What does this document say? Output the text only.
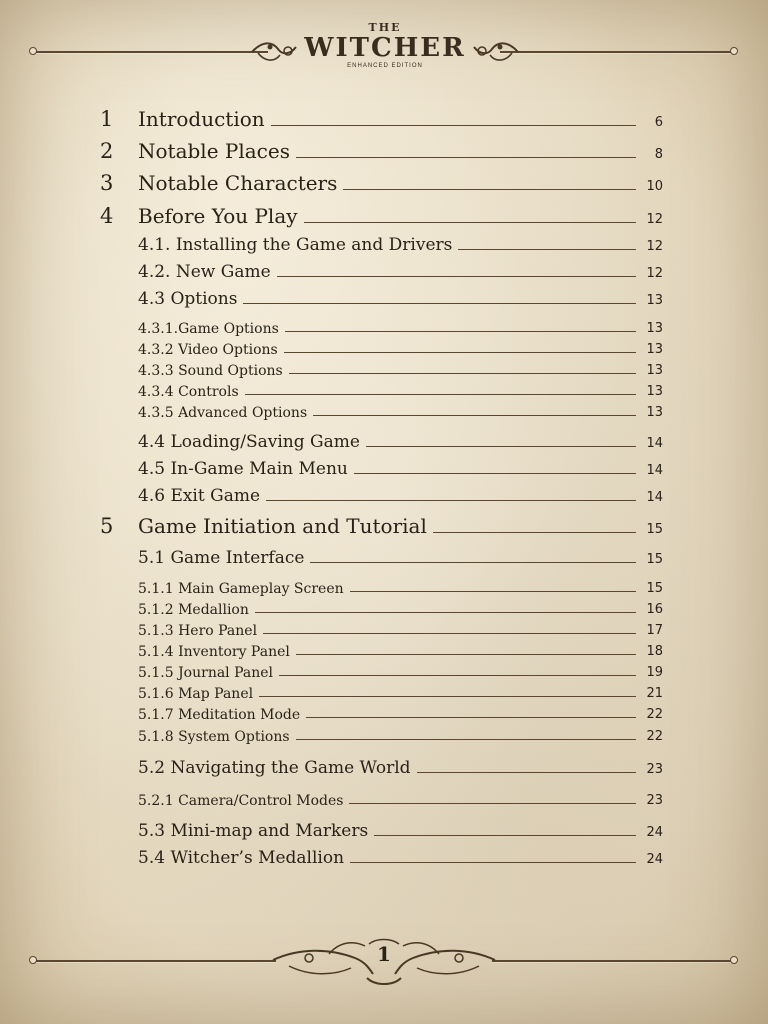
THE
WITCHER
ENHANCED EDITION
1 Introduction	6
2 Notable Places	8
3 Notable Characters	10
4 Before You Play	12
4.1. Installing the Game and Drivers	12
4.2. New Game	12
4.3 Options	13
4.3.1.Game Options	13
4.3.2 Video Options	13
4.3.3 Sound Options	13
4.3.4 Controls	13
4.3.5 Advanced Options	13
4.4 Loading/Saving Game	14
4.5 In-Game Main Menu	14
4.6 Exit Game	14
5 Game Initiation and Tutorial	15
5.1 Game Interface	15
5.1.1 Main Gameplay Screen	15
5.1.2 Medallion	16
5.1.3 Hero Panel	17
5.1.4 Inventory Panel	18
5.1.5 Journal Panel	19
5.1.6 Map Panel	21
5.1.7 Meditation Mode	22
5.1.8 System Options	22
5.2 Navigating the Game World	23
5.2.1 Camera/Control Modes	23
5.3 Mini-map and Markers	24
5.4 Witcher’s Medallion	24
1
